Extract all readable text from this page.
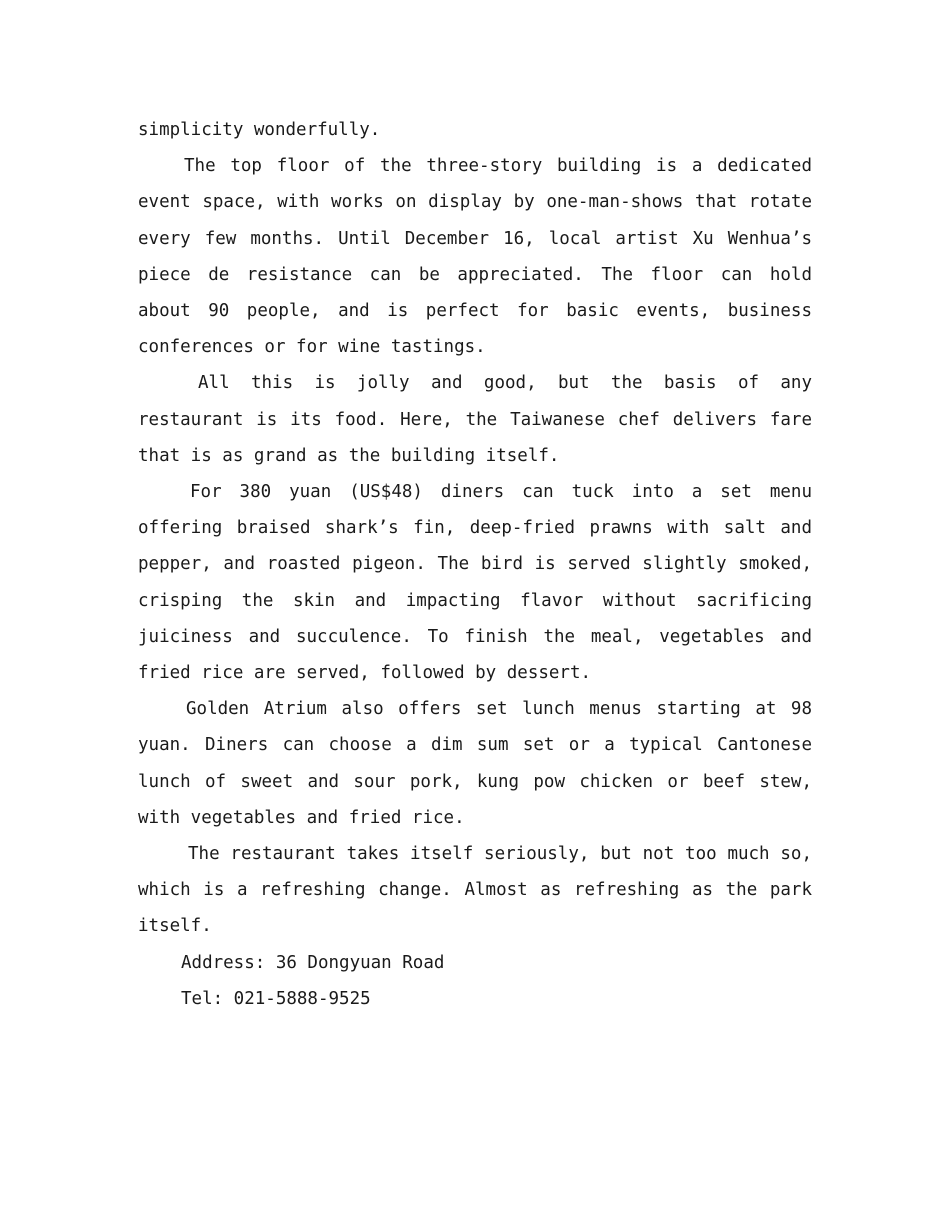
simplicity wonderfully.

The top floor of the three-story building is a dedicated event space, with works on display by one-man-shows that rotate every few months. Until December 16, local artist Xu Wenhua’s piece de resistance can be appreciated. The floor can hold about 90 people, and is perfect for basic events, business conferences or for wine tastings.

All this is jolly and good, but the basis of any restaurant is its food. Here, the Taiwanese chef delivers fare that is as grand as the building itself.

For 380 yuan (US$48) diners can tuck into a set menu offering braised shark’s fin, deep-fried prawns with salt and pepper, and roasted pigeon. The bird is served slightly smoked, crisping the skin and impacting flavor without sacrificing juiciness and succulence. To finish the meal, vegetables and fried rice are served, followed by dessert.

Golden Atrium also offers set lunch menus starting at 98 yuan. Diners can choose a dim sum set or a typical Cantonese lunch of sweet and sour pork, kung pow chicken or beef stew, with vegetables and fried rice.

The restaurant takes itself seriously, but not too much so, which is a refreshing change. Almost as refreshing as the park itself.

Address: 36 Dongyuan Road

Tel: 021-5888-9525
